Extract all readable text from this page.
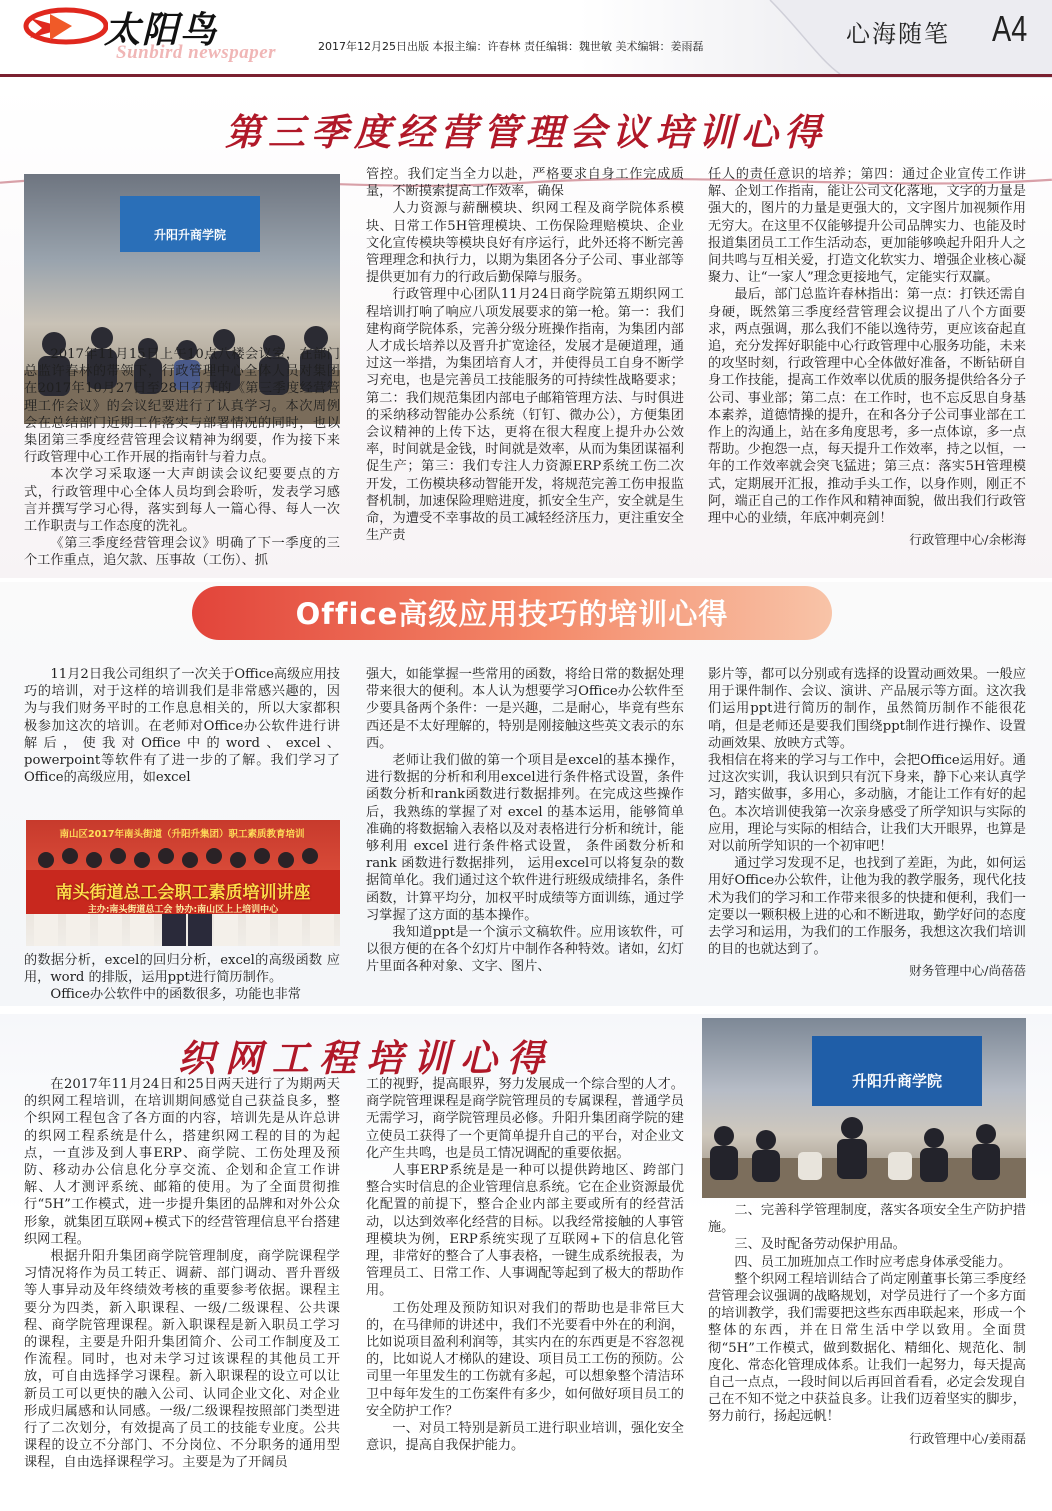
太阳鸟
Sunbird newspaper	2017年12月25日出版 本报主编：许春林 责任编辑：魏世敏 美术编辑：姜雨磊	心海随笔 A4
第三季度经营管理会议培训心得
升阳升商学院

2017年11月15日上午10点八楼会议室，在部门总监许春林的带领下，行政管理中心全体人员对集团在2017年10月27日至28日召开的《第三季度经营管理工作会议》的会议纪要进行了认真学习。本次周例会在总结部门近期工作落实与部署情况的同时，也以集团第三季度经营管理会议精神为纲要，作为接下来行政管理中心工作开展的指南针与着力点。

本次学习采取逐一大声朗读会议纪要要点的方式，行政管理中心全体人员均到会聆听，发表学习感言并撰写学习心得，落实到每人一篇心得、每人一次工作职责与工作态度的洗礼。

《第三季度经营管理会议》明确了下一季度的三个工作重点，追欠款、压事故（工伤）、抓

管控。我们定当全力以赴，严格要求自身工作完成质量，不断摸索提高工作效率，确保

人力资源与薪酬模块、织网工程及商学院体系模块、日常工作5H管理模块、工伤保险理赔模块、企业文化宣传模块等模块良好有序运行，此外还将不断完善管理理念和执行力，以期为集团各分子公司、事业部等提供更加有力的行政后勤保障与服务。

行政管理中心团队11月24日商学院第五期织网工程培训打响了响应八项发展要求的第一枪。第一：我们建构商学院体系，完善分级分班操作指南，为集团内部人才成长培养以及晋升扩宽途径，发展才是硬道理，通过这一举措，为集团培育人才，并使得员工自身不断学习充电，也是完善员工技能服务的可持续性战略要求；第二：我们规范集团内部电子邮箱管理方法、与时俱进的采纳移动智能办公系统（钉钉、微办公），方便集团会议精神的上传下达，更将在很大程度上提升办公效率，时间就是金钱，时间就是效率，从而为集团谋福利促生产；第三：我们专注人力资源ERP系统工伤二次开发，工伤模块移动智能开发，将规范完善工伤申报监督机制，加速保险理赔进度，抓安全生产，安全就是生命，为遭受不幸事故的员工减轻经济压力，更注重安全生产责

任人的责任意识的培养；第四：通过企业宣传工作讲解、企划工作指南，能让公司文化落地，文字的力量是强大的，图片的力量是更强大的，文字图片加视频作用无穷大。在这里不仅能够提升公司品牌实力、也能及时报道集团员工工作生活动态，更加能够唤起升阳升人之间共鸣与互相关爱，打造文化软实力、增强企业核心凝聚力、让“一家人”理念更接地气，定能实行双赢。

最后，部门总监许春林指出：第一点：打铁还需自身硬，既然第三季度经营管理会议提出了八个方面要求，两点强调，那么我们不能以逸待劳，更应该奋起直追，充分发挥好职能中心行政管理中心服务功能，未来的攻坚时刻，行政管理中心全体做好准备，不断钻研自身工作技能，提高工作效率以优质的服务提供给各分子公司、事业部；第二点：在工作时，也不忘反思自身基本素养，道德情操的提升，在和各分子公司事业部在工作上的沟通上，站在多角度思考，多一点体谅，多一点帮助。少抱怨一点，每天提升工作效率，持之以恒，一年的工作效率就会突飞猛进；第三点：落实5H管理模式，定期展开汇报，推动手头工作，以身作则，刚正不阿，端正自己的工作作风和精神面貌，做出我们行政管理中心的业绩，年底冲刺亮剑！

行政管理中心/余彬海
Office高级应用技巧的培训心得

11月2日我公司组织了一次关于Office高级应用技巧的培训，对于这样的培训我们是非常感兴趣的，因为与我们财务平时的工作息息相关的，所以大家都积极参加这次的培训。在老师对Office办公软件进行讲解后，使我对Office中的word、excel、powerpoint等软件有了进一步的了解。我们学习了Office的高级应用，如excel

的数据分析，excel的回归分析，excel的高级函数 应用，word 的排版，运用ppt进行简历制作。

Office办公软件中的函数很多，功能也非常

强大，如能掌握一些常用的函数，将给日常的数据处理带来很大的便利。本人认为想要学习Office办公软件至少要具备两个条件：一是兴趣，二是耐心，毕竟有些东西还是不太好理解的，特别是刚接触这些英文表示的东西。

老师让我们做的第一个项目是excel的基本操作，进行数据的分析和利用excel进行条件格式设置，条件函数分析和rank函数进行数据排列。在完成这些操作后，我熟练的掌握了对 excel 的基本运用，能够简单准确的将数据输入表格以及对表格进行分析和统计，能够利用 excel 进行条件格式设置， 条件函数分析和 rank 函数进行数据排列， 运用excel可以将复杂的数据简单化。我们通过这个软件进行班级成绩排名，条件函数，计算平均分，加权平时成绩等方面训练，通过学习掌握了这方面的基本操作。

我知道ppt是一个演示文稿软件。应用该软件，可以很方便的在各个幻灯片中制作各种特效。诸如，幻灯片里面各种对象、文字、图片、

影片等，都可以分别或有选择的设置动画效果。一般应用于课件制作、会议、演讲、产品展示等方面。这次我们运用ppt进行简历的制作，虽然简历制作不能很花哨，但是老师还是要我们围绕ppt制作进行操作、设置动画效果、放映方式等。

我相信在将来的学习与工作中，会把Office运用好。通过这次实训，我认识到只有沉下身来，静下心来认真学习，踏实做事，多用心，多动脑，才能让工作有好的起色。本次培训使我第一次亲身感受了所学知识与实际的应用，理论与实际的相结合，让我们大开眼界，也算是对以前所学知识的一个初审吧！

通过学习发现不足，也找到了差距，为此，如何运用好Office办公软件，让他为我的教学服务，现代化技术为我们的学习和工作带来很多的快捷和便利，我们一定要以一颗积极上进的心和不断进取，勤学好问的态度去学习和运用，为我们的工作服务，我想这次我们培训的目的也就达到了。

财务管理中心/尚蓓蓓
南山区2017年南头街道（升阳升集团）职工素质教育培训
南头街道总工会职工素质培训讲座
主办:南头街道总工会 协办:南山区上上培训中心
织网工程培训心得

在2017年11月24日和25日两天进行了为期两天的织网工程培训，在培训期间感觉自己获益良多，整个织网工程包含了各方面的内容，培训先是从许总讲的织网工程系统是什么，搭建织网工程的目的为起点，一直涉及到人事ERP、商学院、工伤处理及预防、移动办公信息化分享交流、企划和企宣工作讲解、人才测评系统、邮箱的使用。为了全面贯彻推行“5H”工作模式，进一步提升集团的品牌和对外公众形象，就集团互联网+模式下的经营管理信息平台搭建织网工程。

根据升阳升集团商学院管理制度，商学院课程学习情况将作为员工转正、调薪、部门调动、晋升晋级等人事异动及年终绩效考核的重要参考依据。课程主要分为四类，新入职课程、一级/二级课程、公共课程、商学院管理课程。新入职课程是新入职员工学习的课程，主要是升阳升集团简介、公司工作制度及工作流程。同时，也对未学习过该课程的其他员工开放，可自由选择学习课程。新入职课程的设立可以让新员工可以更快的融入公司、认同企业文化、对企业形成归属感和认同感。一级/二级课程按照部门类型进行了二次划分，有效提高了员工的技能专业度。公共课程的设立不分部门、不分岗位、不分职务的通用型课程，自由选择课程学习。主要是为了开阔员

工的视野，提高眼界，努力发展成一个综合型的人才。商学院管理课程是商学院管理员的专属课程，普通学员无需学习，商学院管理员必修。升阳升集团商学院的建立使员工获得了一个更简单提升自己的平台，对企业文化产生共鸣，也是员工情况调配的重要依据。

人事ERP系统是是一种可以提供跨地区、跨部门整合实时信息的企业管理信息系统。它在企业资源最优化配置的前提下，整合企业内部主要或所有的经营活动，以达到效率化经营的目标。以我经常接触的人事管理模块为例，ERP系统实现了互联网+下的信息化管理，非常好的整合了人事表格，一键生成系统报表，为管理员工、日常工作、人事调配等起到了极大的帮助作用。

工伤处理及预防知识对我们的帮助也是非常巨大的，在马律师的讲述中，我们不光要看中外在的利润，比如说项目盈利利润等，其实内在的东西更是不容忽视的，比如说人才梯队的建设、项目员工工伤的预防。公司里一年里发生的工伤就有多起，可以想象整个清洁环卫中每年发生的工伤案件有多少，如何做好项目员工的安全防护工作？

一、对员工特别是新员工进行职业培训，强化安全意识，提高自我保护能力。

二、完善科学管理制度，落实各项安全生产防护措施。

三、及时配备劳动保护用品。

四、员工加班加点工作时应考虑身体承受能力。

整个织网工程培训结合了尚定刚董事长第三季度经营管理会议强调的战略规划，对学员进行了一个多方面的培训教学，我们需要把这些东西串联起来，形成一个整体的东西，并在日常生活中学以致用。全面贯彻“5H”工作模式，做到数据化、精细化、规范化、制度化、常态化管理成体系。让我们一起努力，每天提高自己一点点，一段时间以后再回首看看，必定会发现自己在不知不觉之中获益良多。让我们迈着坚实的脚步，努力前行，扬起远帆！

行政管理中心/姜雨磊
升阳升商学院
